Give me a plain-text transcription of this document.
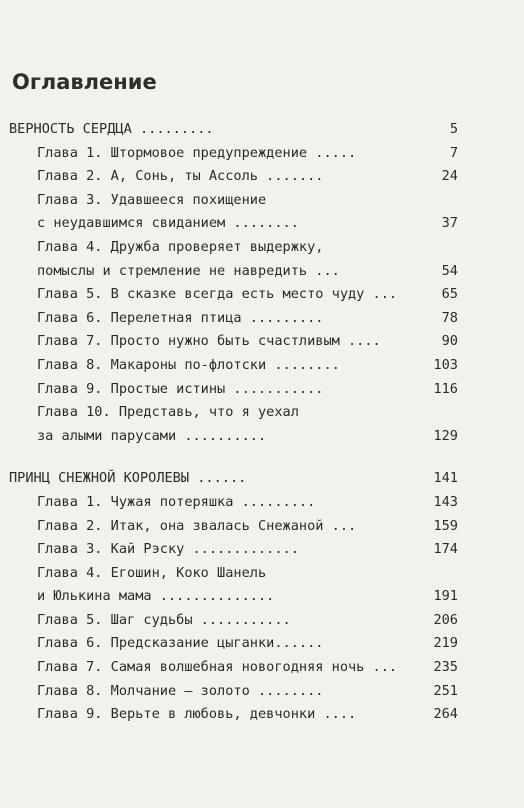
Оглавление
ВЕРНОСТЬ СЕРДЦА .........	5
Глава 1. Штормовое предупреждение .....	7
Глава 2. А, Сонь, ты Ассоль .......	24
Глава 3. Удавшееся похищение
с неудавшимся свиданием ........	37
Глава 4. Дружба проверяет выдержку,
помыслы и стремление не навредить ...	54
Глава 5. В сказке всегда есть место чуду ...	65
Глава 6. Перелетная птица .........	78
Глава 7. Просто нужно быть счастливым ....	90
Глава 8. Макароны по-флотски ........	103
Глава 9. Простые истины ...........	116
Глава 10. Представь, что я уехал
за алыми парусами ..........	129
ПРИНЦ СНЕЖНОЙ КОРОЛЕВЫ ......	141
Глава 1. Чужая потеряшка .........	143
Глава 2. Итак, она звалась Снежаной ...	159
Глава 3. Кай Рэску .............	174
Глава 4. Егошин, Коко Шанель
и Юлькина мама ..............	191
Глава 5. Шаг судьбы ...........	206
Глава 6. Предсказание цыганки......	219
Глава 7. Самая волшебная новогодняя ночь ...	235
Глава 8. Молчание — золото ........	251
Глава 9. Верьте в любовь, девчонки ....	264
